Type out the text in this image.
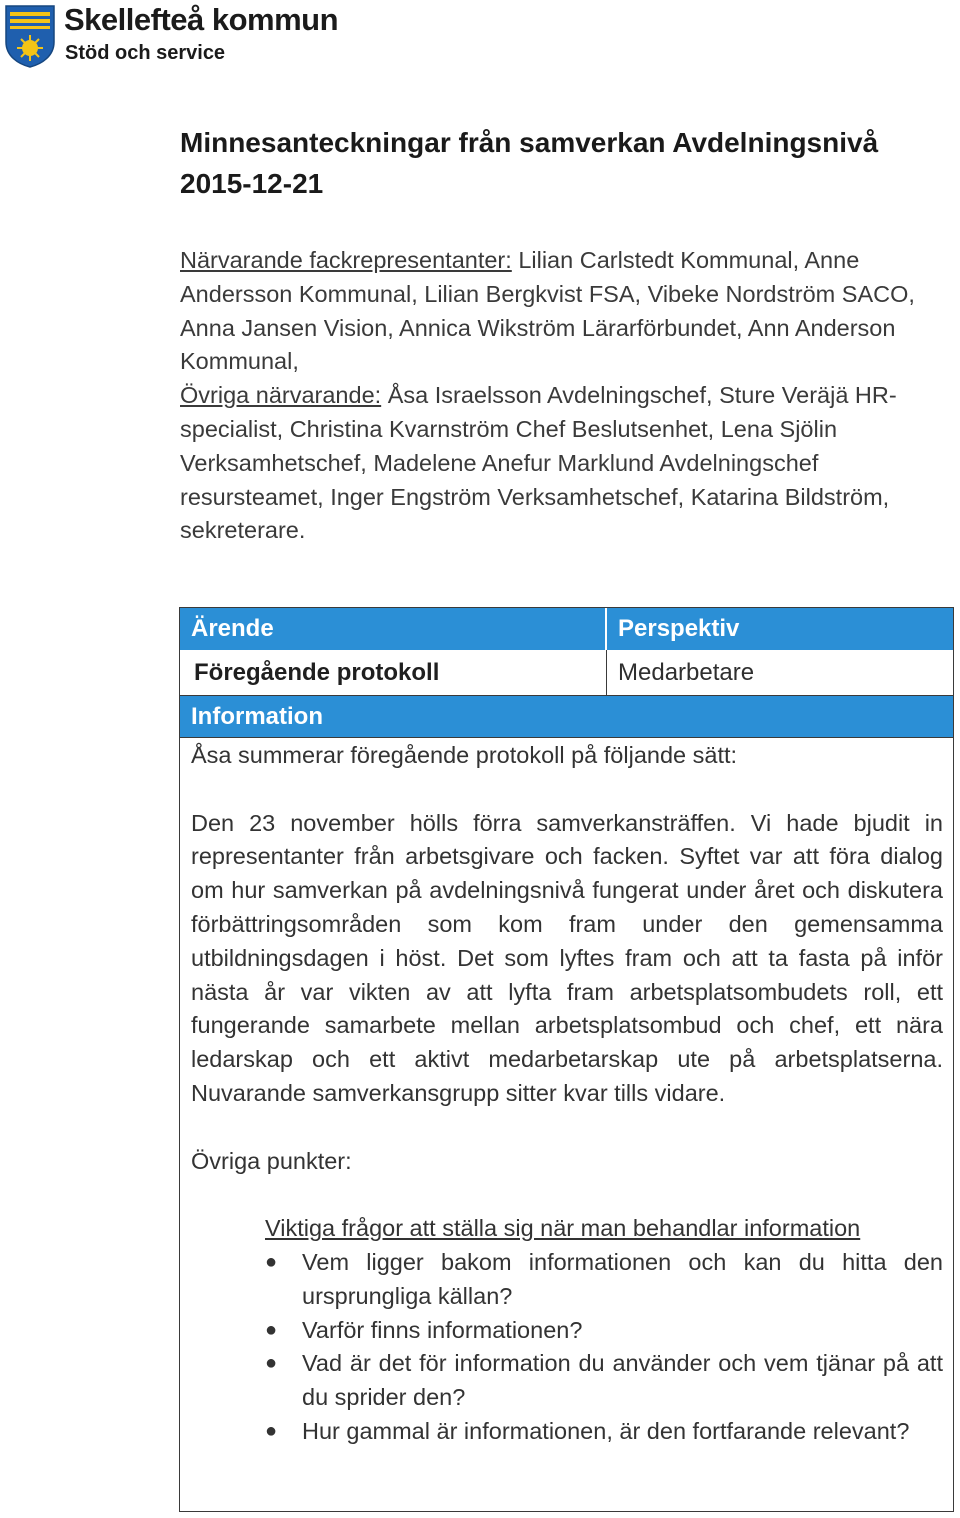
Skellefteå kommun
Stöd och service
Minnesanteckningar från samverkan Avdelningsnivå
2015-12-21

Närvarande fackrepresentanter: Lilian Carlstedt Kommunal, Anne Andersson Kommunal, Lilian Bergkvist FSA, Vibeke Nordström SACO, Anna Jansen Vision, Annica Wikström Lärarförbundet, Ann Anderson Kommunal,

Övriga närvarande: Åsa Israelsson Avdelningschef, Sture Veräjä HR-specialist, Christina Kvarnström Chef Beslutsenhet, Lena Sjölin Verksamhetschef, Madelene Anefur Marklund Avdelningschef resursteamet, Inger Engström Verksamhetschef, Katarina Bildström, sekreterare.

Ärende	Perspektiv
Föregående protokoll	Medarbetare
Information

Åsa summerar föregående protokoll på följande sätt:

Den 23 november hölls förra samverkansträffen. Vi hade bjudit in representanter från arbetsgivare och facken. Syftet var att föra dialog om hur samverkan på avdelningsnivå fungerat under året och diskutera förbättringsområden som kom fram under den gemensamma utbildningsdagen i höst. Det som lyftes fram och att ta fasta på inför nästa år var vikten av att lyfta fram arbetsplatsombudets roll, ett fungerande samarbete mellan arbetsplatsombud och chef, ett nära ledarskap och ett aktivt medarbetarskap ute på arbetsplatserna. Nuvarande samverkansgrupp sitter kvar tills vidare.

Övriga punkter:

Viktiga frågor att ställa sig när man behandlar information

● Vem ligger bakom informationen och kan du hitta den ursprungliga källan?
● Varför finns informationen?
● Vad är det för information du använder och vem tjänar på att du sprider den?
● Hur gammal är informationen, är den fortfarande relevant?
